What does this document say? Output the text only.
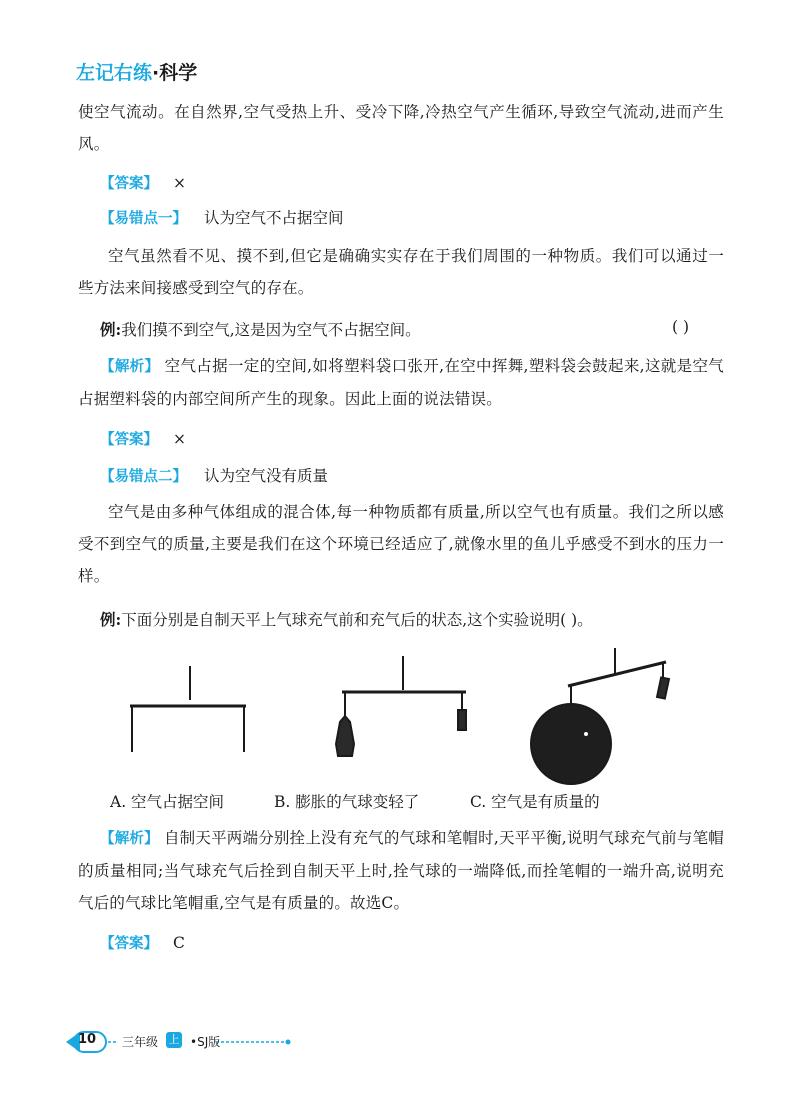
左记右练·科学
使空气流动。在自然界,空气受热上升、受冷下降,冷热空气产生循环,导致空气流动,进而产生风。
【答案】 ×
【易错点一】 认为空气不占据空间
空气虽然看不见、摸不到,但它是确确实实存在于我们周围的一种物质。我们可以通过一些方法来间接感受到空气的存在。
例:我们摸不到空气,这是因为空气不占据空间。	( )
【解析】 空气占据一定的空间,如将塑料袋口张开,在空中挥舞,塑料袋会鼓起来,这就是空气占据塑料袋的内部空间所产生的现象。因此上面的说法错误。
【答案】 ×
【易错点二】 认为空气没有质量
空气是由多种气体组成的混合体,每一种物质都有质量,所以空气也有质量。我们之所以感受不到空气的质量,主要是我们在这个环境已经适应了,就像水里的鱼儿乎感受不到水的压力一样。
例:下面分别是自制天平上气球充气前和充气后的状态,这个实验说明( )。
A. 空气占据空间	B. 膨胀的气球变轻了	C. 空气是有质量的
【解析】 自制天平两端分别拴上没有充气的气球和笔帽时,天平平衡,说明气球充气前与笔帽的质量相同;当气球充气后拴到自制天平上时,拴气球的一端降低,而拴笔帽的一端升高,说明充气后的气球比笔帽重,空气是有质量的。故选C。
【答案】 C
10 三年级 上 •SJ版
